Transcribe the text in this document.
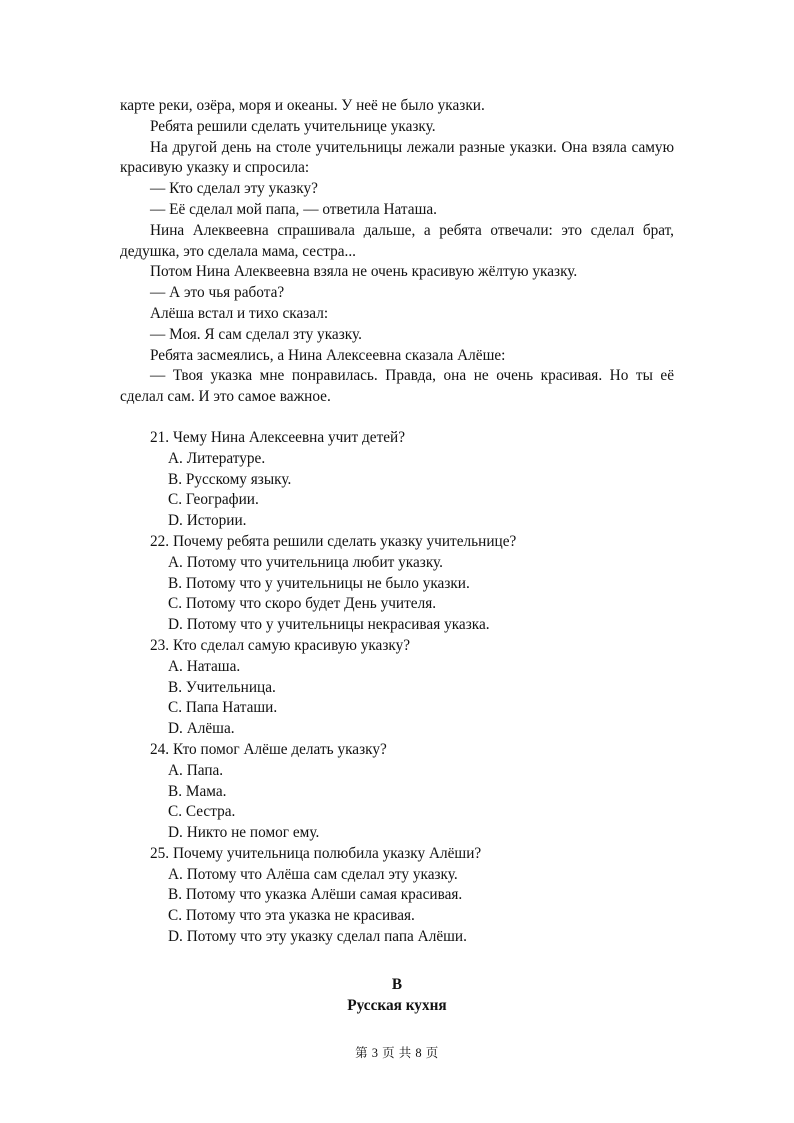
карте реки, озёра, моря и океаны. У неё не было указки.

Ребята решили сделать учительнице указку.

На другой день на столе учительницы лежали разные указки. Она взяла самую красивую указку и спросила:

— Кто сделал эту указку?

— Её сделал мой папа, — ответила Наташа.

Нина Алеквеевна спрашивала дальше, а ребята отвечали: это сделал брат, дедушка, это сделала мама, сестра...

Потом Нина Алеквеевна взяла не очень красивую жёлтую указку.

— А это чья работа?

Алёша встал и тихо сказал:

— Моя. Я сам сделал зту указку.

Ребята засмеялись, а Нина Алексеевна сказала Алёше:

— Твоя указка мне понравилась. Правда, она не очень красивая. Но ты её сделал сам. И это самое важное.

21. Чему Нина Алексеевна учит детей?

A. Литературе.

B. Русскому языку.

C. Географии.

D. Истории.

22. Почему ребята решили сделать указку учительнице?

A. Потому что учительница любит указку.

B. Потому что у учительницы не было указки.

C. Потому что скоро будет День учителя.

D. Потому что у учительницы некрасивая указка.

23. Кто сделал самую красивую указку?

A. Наташа.

B. Учительница.

C. Папа Наташи.

D. Алёша.

24. Кто помог Алёше делать указку?

A. Папа.

B. Мама.

C. Сестра.

D. Никто не помог ему.

25. Почему учительница полюбила указку Алёши?

A. Потому что Алёша сам сделал эту указку.

B. Потому что указка Алёши самая красивая.

C. Потому что эта указка не красивая.

D. Потому что эту указку сделал папа Алёши.

B

Русская кухня

第 3 页 共 8 页
